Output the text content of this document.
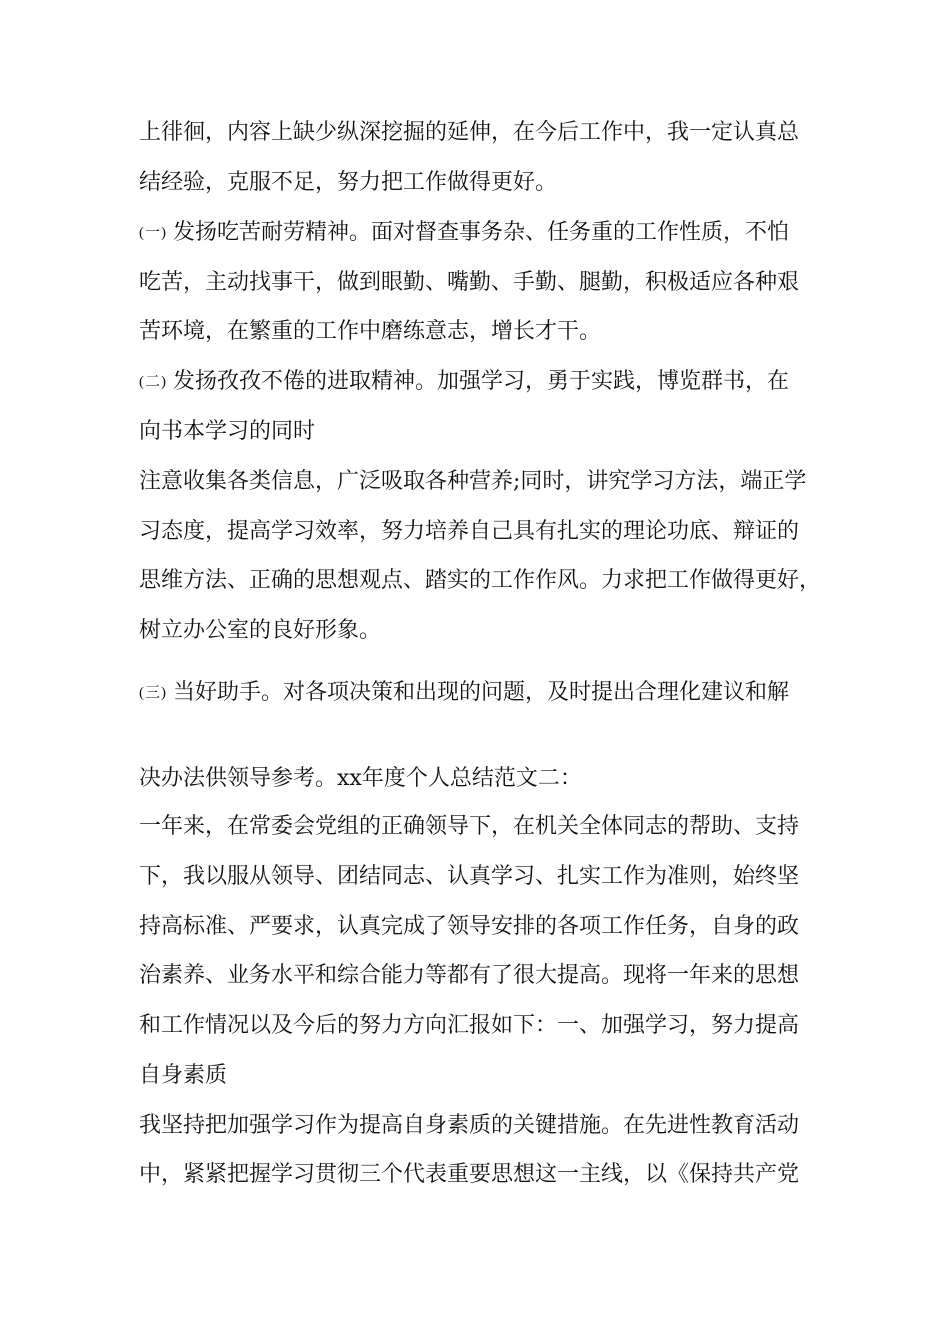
上徘徊，内容上缺少纵深挖掘的延伸，在今后工作中，我一定认真总
结经验，克服不足，努力把工作做得更好。
(一) 发扬吃苦耐劳精神。面对督查事务杂、任务重的工作性质，不怕
吃苦，主动找事干，做到眼勤、嘴勤、手勤、腿勤，积极适应各种艰
苦环境，在繁重的工作中磨练意志，增长才干。
(二) 发扬孜孜不倦的进取精神。加强学习，勇于实践，博览群书，在
向书本学习的同时
注意收集各类信息，广泛吸取各种营养;同时，讲究学习方法，端正学
习态度，提高学习效率，努力培养自己具有扎实的理论功底、辩证的
思维方法、正确的思想观点、踏实的工作作风。力求把工作做得更好，
树立办公室的良好形象。
(三) 当好助手。对各项决策和出现的问题，及时提出合理化建议和解
决办法供领导参考。xx年度个人总结范文二：
一年来，在常委会党组的正确领导下，在机关全体同志的帮助、支持
下，我以服从领导、团结同志、认真学习、扎实工作为准则，始终坚
持高标准、严要求，认真完成了领导安排的各项工作任务，自身的政
治素养、业务水平和综合能力等都有了很大提高。现将一年来的思想
和工作情况以及今后的努力方向汇报如下：一、加强学习，努力提高
自身素质
我坚持把加强学习作为提高自身素质的关键措施。在先进性教育活动
中，紧紧把握学习贯彻三个代表重要思想这一主线，以《保持共产党
